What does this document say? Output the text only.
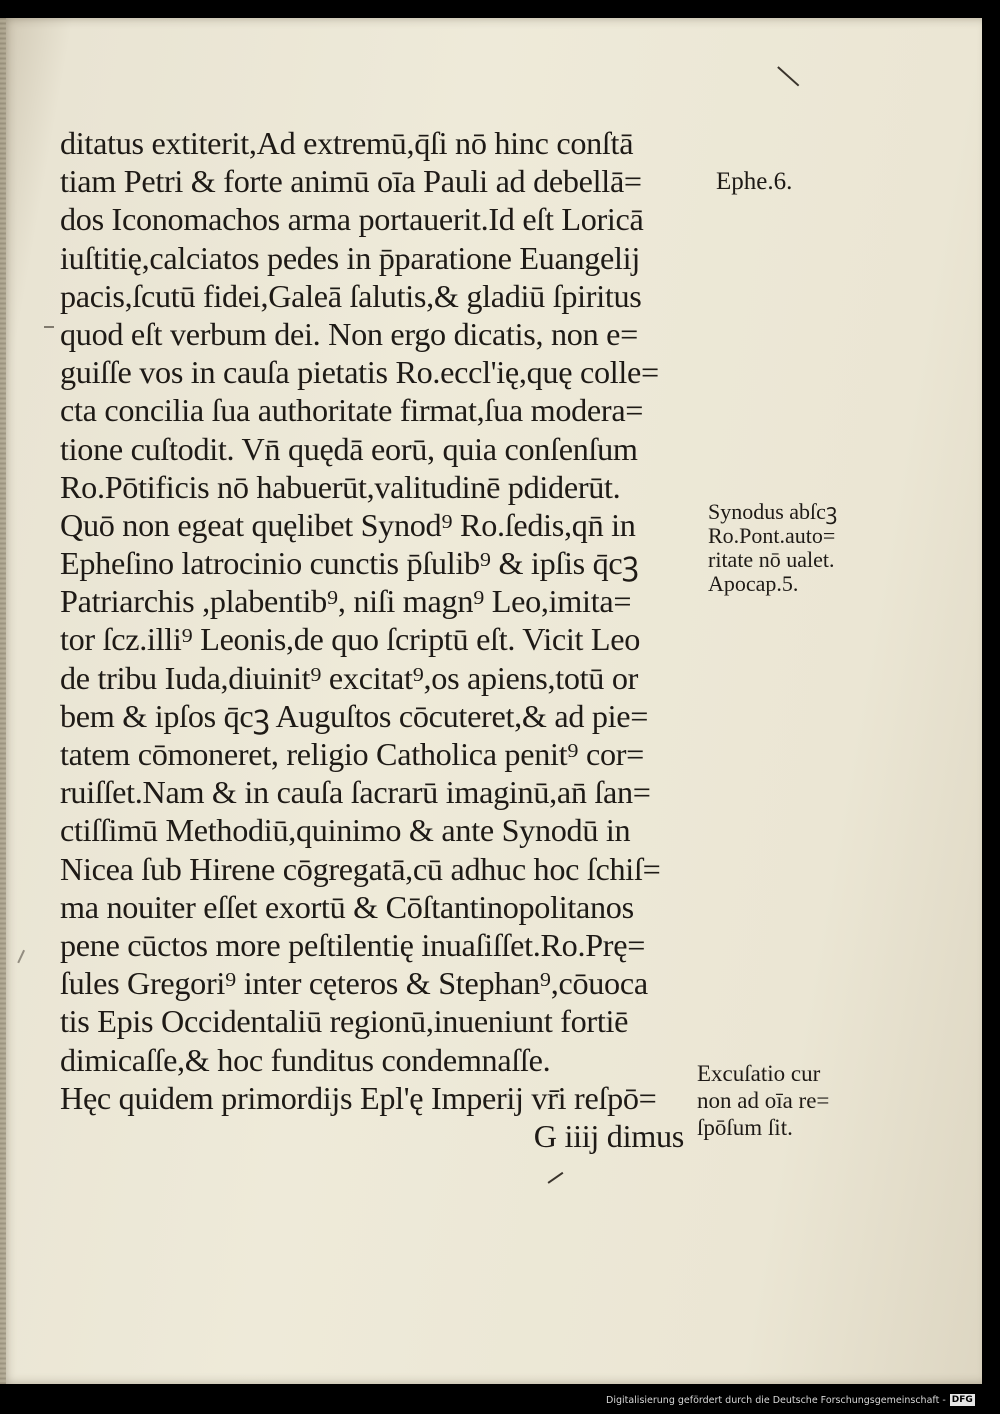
ditatus extiterit,Ad extremū,q̄ſi nō hinc conſtā
tiam Petri & forte animū oīa Pauli ad debellā=
dos Iconomachos arma portauerit.Id eſt Loricā
iuſtitię,calciatos pedes in p̄paratione Euangelij
pacis,ſcutū fidei,Galeā ſalutis,& gladiū ſpiritus
quod eſt verbum dei. Non ergo dicatis, non e=
guiſſe vos in cauſa pietatis Ro.eccl'ię,quę colle=
cta concilia ſua authoritate firmat,ſua modera=
tione cuſtodit. Vn̄ quędā eorū, quia conſenſum
Ro.Pōtificis nō habuerūt,valitudinē pdiderūt.
Quō non egeat quęlibet Synod⁹ Ro.ſedis,qn̄ in
Epheſino latrocinio cunctis p̄ſulib⁹ & ipſis q̄cꝫ
Patriarchis ,plabentib⁹, niſi magn⁹ Leo,imita=
tor ſcz.illi⁹ Leonis,de quo ſcriptū eſt. Vicit Leo
de tribu Iuda,diuinit⁹ excitat⁹,os apiens,totū or
bem & ipſos q̄cꝫ Auguſtos cōcuteret,& ad pie=
tatem cōmoneret, religio Catholica penit⁹ cor=
ruiſſet.Nam & in cauſa ſacrarū imaginū,an̄ ſan=
ctiſſimū Methodiū,quinimo & ante Synodū in
Nicea ſub Hirene cōgregatā,cū adhuc hoc ſchiſ=
ma nouiter eſſet exortū & Cōſtantinopolitanos
pene cūctos more peſtilentię inuaſiſſet.Ro.Prę=
ſules Gregori⁹ inter cęteros & Stephan⁹,cōuoca
tis Epis Occidentaliū regionū,inueniunt fortiē
dimicaſſe,& hoc funditus condemnaſſe.
Hęc quidem primordijs Epl'ę Imperij vr̄i reſpō=
G iiij dimus
Ephe.6.
Synodus abſcꝫ
Ro.Pont.auto=
ritate nō ualet.
Apocap.5.
Excuſatio cur
non ad oīa re=
ſpōſum ſit.
Digitalisierung gefördert durch die Deutsche Forschungsgemeinschaft - DFG
